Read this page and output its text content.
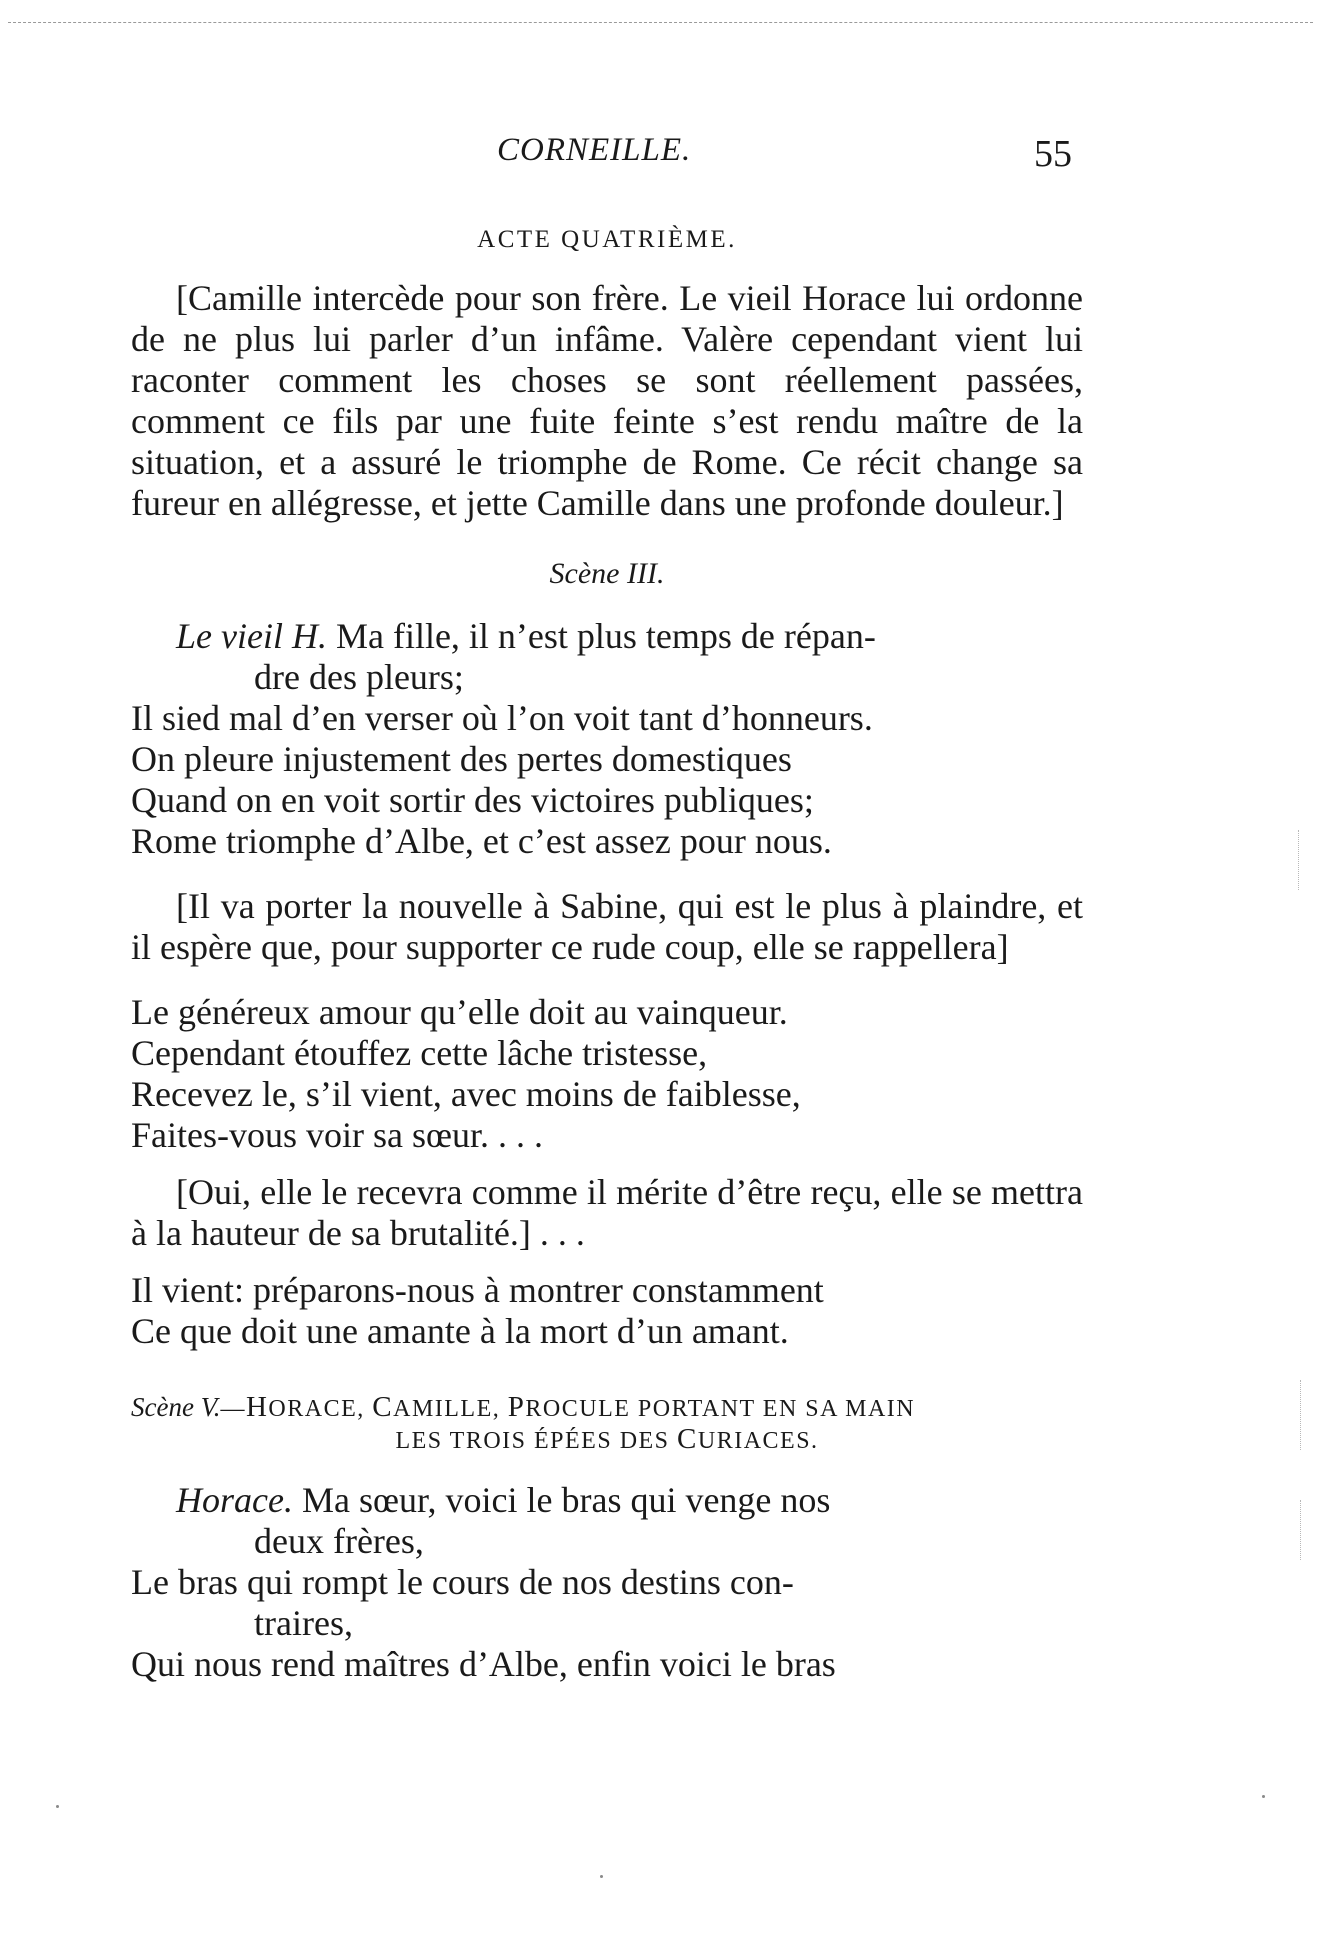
CORNEILLE.	55
ACTE QUATRIÈME.

[Camille intercède pour son frère. Le vieil Horace lui ordonne de ne plus lui parler d’un infâme. Valère cependant vient lui raconter comment les choses se sont réellement passées, comment ce fils par une fuite feinte s’est rendu maître de la situation, et a assuré le triomphe de Rome. Ce récit change sa fureur en allégresse, et jette Camille dans une profonde douleur.]

Scène III.
Le vieil H. Ma fille, il n’est plus temps de répan-
dre des pleurs;
Il sied mal d’en verser où l’on voit tant d’honneurs.
On pleure injustement des pertes domestiques
Quand on en voit sortir des victoires publiques;
Rome triomphe d’Albe, et c’est assez pour nous.

[Il va porter la nouvelle à Sabine, qui est le plus à plaindre, et il espère que, pour supporter ce rude coup, elle se rappellera]

Le généreux amour qu’elle doit au vainqueur.
Cependant étouffez cette lâche tristesse,
Recevez le, s’il vient, avec moins de faiblesse,
Faites-vous voir sa sœur. . . .

[Oui, elle le recevra comme il mérite d’être reçu, elle se mettra à la hauteur de sa brutalité.] . . .

Il vient: préparons-nous à montrer constamment
Ce que doit une amante à la mort d’un amant.

Scène V.—HORACE, CAMILLE, PROCULE PORTANT EN SA MAIN

LES TROIS ÉPÉES DES CURIACES.

Horace. Ma sœur, voici le bras qui venge nos
deux frères,
Le bras qui rompt le cours de nos destins con-
traires,
Qui nous rend maîtres d’Albe, enfin voici le bras
